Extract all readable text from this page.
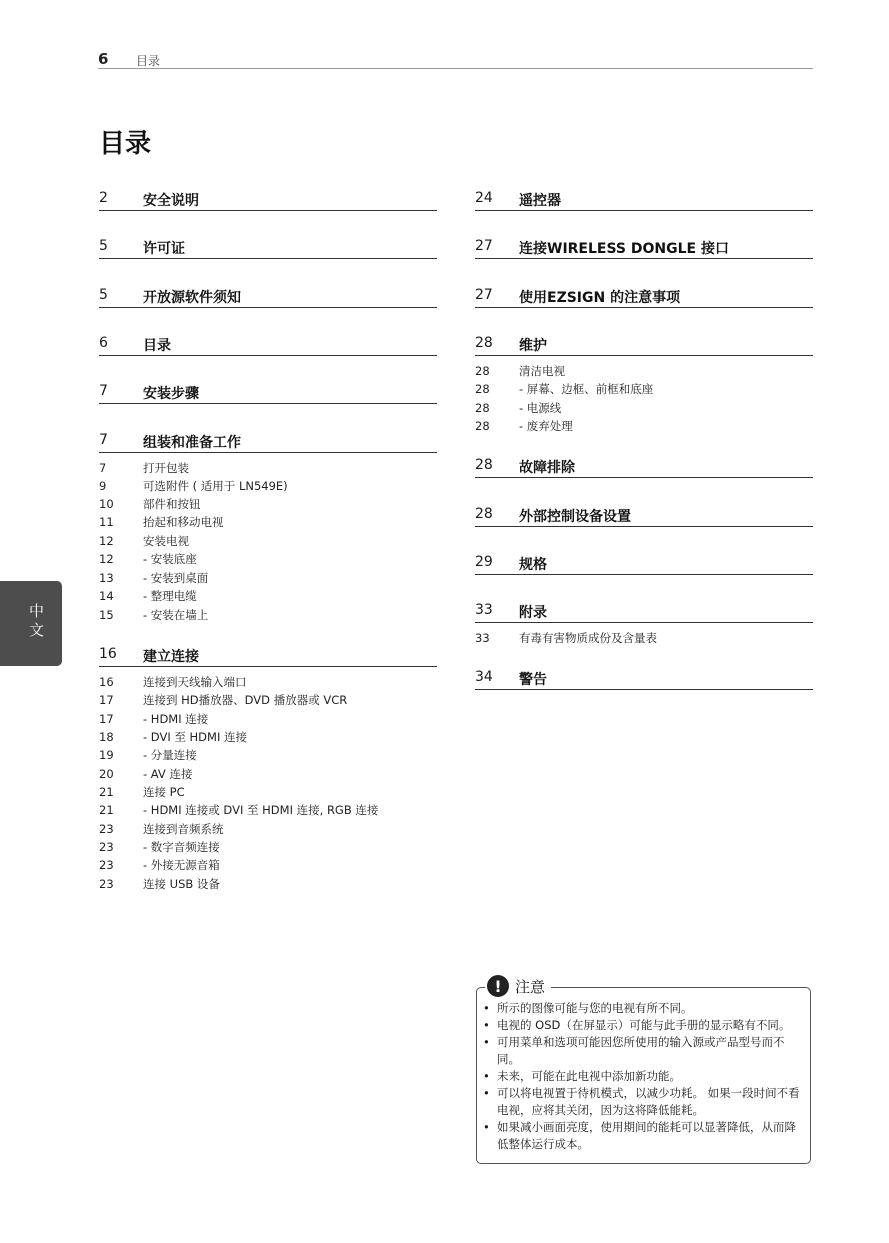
6 目录
目录
2	安全说明
5	许可证
5	开放源软件须知
6	目录
7	安装步骤
7	组装和准备工作
7	打开包装
9	可选附件 ( 适用于 LN549E)
10	部件和按钮
11	抬起和移动电视
12	安装电视
12	- 安装底座
13	- 安装到桌面
14	- 整理电缆
15	- 安装在墙上
16 建立连接
16	连接到天线输入端口
17	连接到 HD播放器、DVD 播放器或 VCR
17	- HDMI 连接
18	- DVI 至 HDMI 连接
19	- 分量连接
20	- AV 连接
21	连接 PC
21	- HDMI 连接或 DVI 至 HDMI 连接, RGB 连接
23	连接到音频系统
23	- 数字音频连接
23	- 外接无源音箱
23	连接 USB 设备
24 遥控器
27 连接WIRELESS DONGLE 接口
27 使用EZSIGN 的注意事项
28 维护
28	清洁电视
28	- 屏幕、边框、前框和底座
28	- 电源线
28	- 废弃处理
28 故障排除
28 外部控制设备设置
29 规格
33 附录
33	有毒有害物质成份及含量表
34 警告
中文
! 注意
• 所示的图像可能与您的电视有所不同。
• 电视的 OSD（在屏显示）可能与此手册的显示略有不同。
• 可用菜单和选项可能因您所使用的输入源或产品型号而不同。
• 未来，可能在此电视中添加新功能。
• 可以将电视置于待机模式，以减少功耗。 如果一段时间不看电视，应将其关闭，因为这将降低能耗。
• 如果减小画面亮度，使用期间的能耗可以显著降低，从而降低整体运行成本。
